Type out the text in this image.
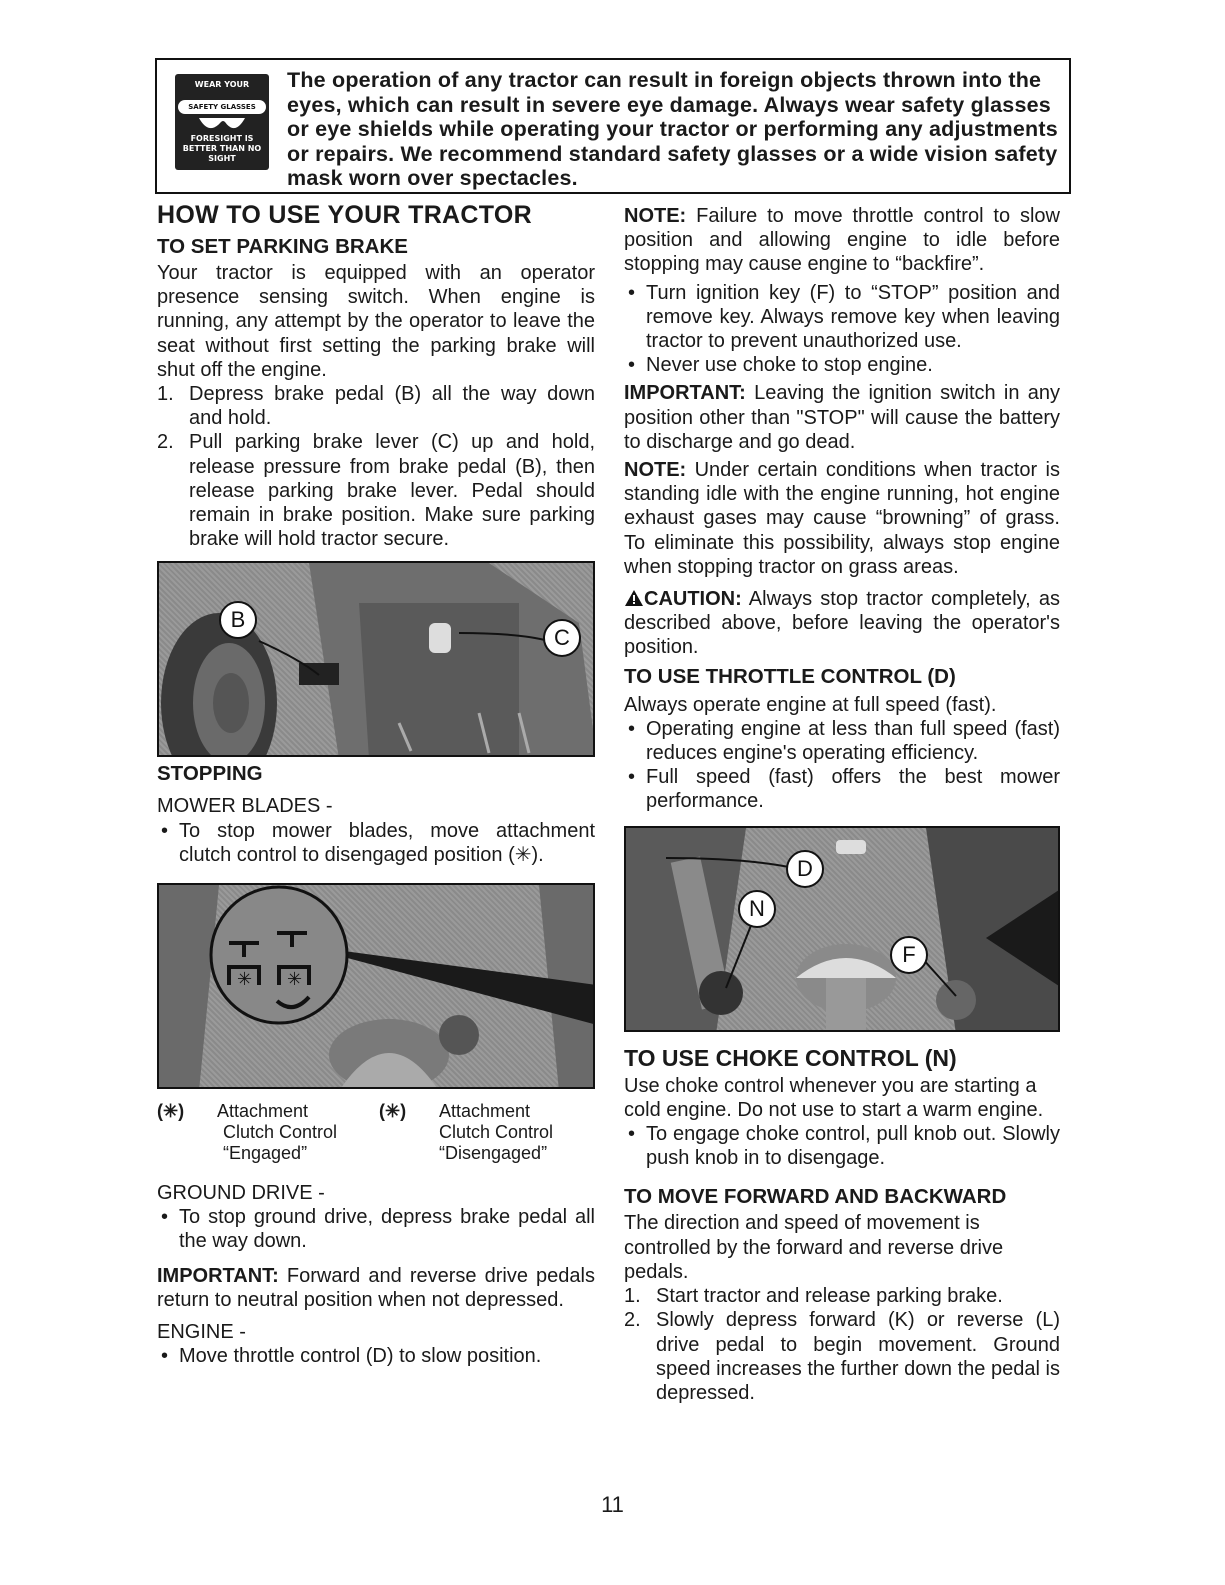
WEAR YOUR
SAFETY GLASSES
FORESIGHT IS BETTER THAN NO SIGHT
The operation of any tractor can result in foreign objects thrown into the eyes, which can result in severe eye damage. Always wear safety glasses or eye shields while operating your tractor or performing any adjustments or repairs. We recommend standard safety glasses or a wide vision safety mask worn over spectacles.
HOW TO USE YOUR TRACTOR
TO SET PARKING BRAKE

Your tractor is equipped with an operator presence sensing switch. When engine is running, any attempt by the operator to leave the seat without first setting the parking brake will shut off the engine.

1. Depress brake pedal (B) all the way down and hold.
2. Pull parking brake lever (C) up and hold, release pressure from brake pedal (B), then release parking brake lever. Pedal should remain in brake position. Make sure parking brake will hold tractor secure.
B
C
STOPPING

MOWER BLADES -

• To stop mower blades, move attachment clutch control to disengaged position (✳).
✳ ✳
(✳) Attachment
Clutch Control
“Engaged”
(✳) Attachment
Clutch Control
“Disengaged”

GROUND DRIVE -

• To stop ground drive, depress brake pedal all the way down.

IMPORTANT: Forward and reverse drive pedals return to neutral position when not depressed.

ENGINE -

• Move throttle control (D) to slow position.

NOTE: Failure to move throttle control to slow position and allowing engine to idle before stopping may cause engine to “backfire”.

• Turn ignition key (F) to “STOP” position and remove key. Always remove key when leaving tractor to prevent unauthorized use.
• Never use choke to stop engine.

IMPORTANT: Leaving the ignition switch in any position other than "STOP" will cause the battery to discharge and go dead.

NOTE: Under certain conditions when tractor is standing idle with the engine running, hot engine exhaust gases may cause “browning” of grass. To eliminate this possibility, always stop engine when stopping tractor on grass areas.

CAUTION: Always stop tractor completely, as described above, before leaving the operator's position.

TO USE THROTTLE CONTROL (D)

Always operate engine at full speed (fast).

• Operating engine at less than full speed (fast) reduces engine's operating efficiency.
• Full speed (fast) offers the best mower performance.
D
N
F
TO USE CHOKE CONTROL (N)

Use choke control whenever you are starting a cold engine. Do not use to start a warm engine.

• To engage choke control, pull knob out. Slowly push knob in to disengage.
TO MOVE FORWARD AND BACKWARD

The direction and speed of movement is controlled by the forward and reverse drive pedals.

1. Start tractor and release parking brake.
2. Slowly depress forward (K) or reverse (L) drive pedal to begin movement. Ground speed increases the further down the pedal is depressed.
11
